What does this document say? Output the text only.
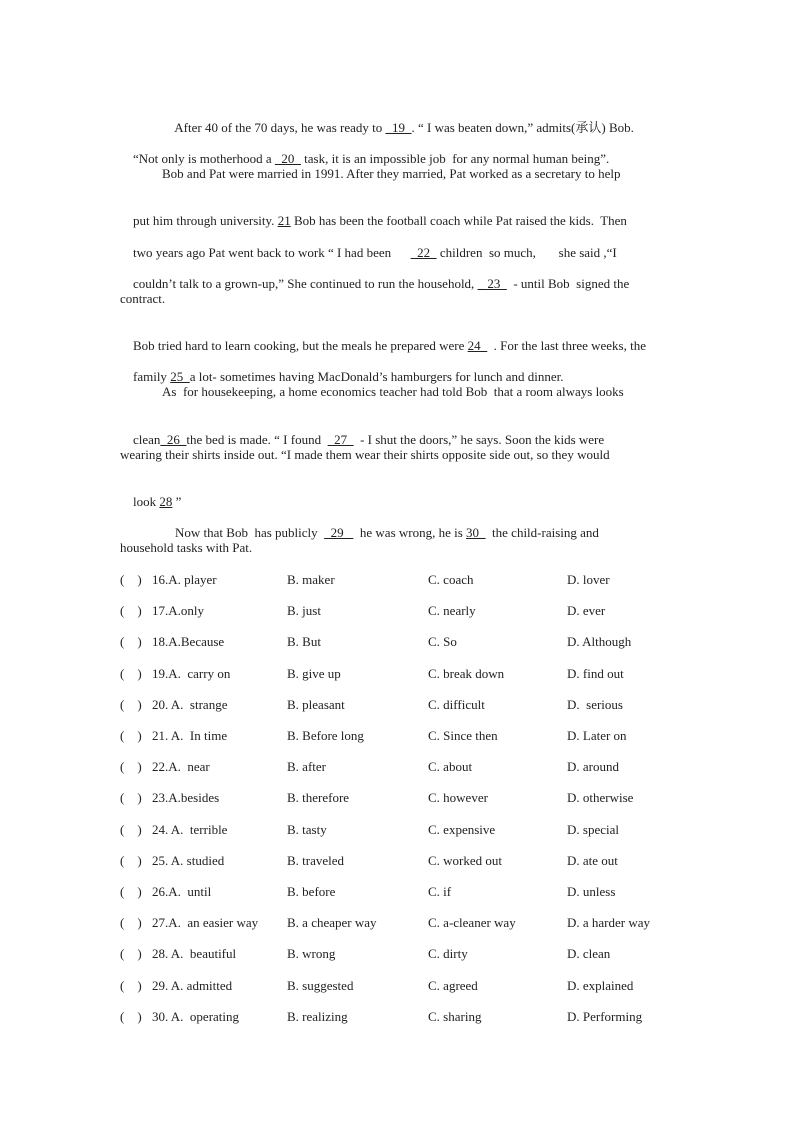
After 40 of the 70 days, he was ready to _19_. “ I was beaten down,” admits(承认) Bob.

“Not only is motherhood a   20_ task, it is an impossible job  for any normal human being”.

Bob and Pat were married in 1991. After they married, Pat worked as a secretary to help

put him through university. 21 Bob has been the football coach while Pat raised the kids.  Then

two years ago Pat went back to work “ I had been        22   children  so much,       she said ,“I

couldn’t talk to a grown-up,” She continued to run the household, _ 23    - until Bob  signed the

contract.

Bob tried hard to learn cooking, but the meals he prepared were 24_  . For the last three weeks, the

family 25  a lot- sometimes having MacDonald’s hamburgers for lunch and dinner.

As  for housekeeping, a home economics teacher had told Bob  that a room always looks

clean_26_the bed is made. “ I found    27    - I shut the doors,” he says. Soon the kids were

wearing their shirts inside out. “I made them wear their shirts opposite side out, so they would

look 28 ”

Now that Bob  has publicly    29     he was wrong, he is 30_  the child-raising and

household tasks with Pat.
(    ) 16.A. player	B. maker	C. coach	D. lover
(    ) 17.A.only	B. just	C. nearly	D. ever
(    ) 18.A.Because	B. But	C. So	D. Although
(    ) 19.A.  carry on	B. give up	C. break down	D. find out
(    ) 20. A.  strange	B. pleasant	C. difficult	D.  serious
(    ) 21. A.  In time	B. Before long	C. Since then	D. Later on
(    ) 22.A.  near	B. after	C. about	D. around
(    ) 23.A.besides	B. therefore	C. however	D. otherwise
(    ) 24. A.  terrible	B. tasty	C. expensive	D. special
(    ) 25. A. studied	B. traveled	C. worked out	D. ate out
(    ) 26.A.  until	B. before	C. if	D. unless
(    ) 27.A.  an easier way B. a cheaper way	C. a-cleaner way	D. a harder way
(    ) 28. A.  beautiful	B. wrong	C. dirty	D. clean
(    ) 29. A. admitted	B. suggested	C. agreed	D. explained
(    ) 30. A.  operating	B. realizing	C. sharing	D. Performing
